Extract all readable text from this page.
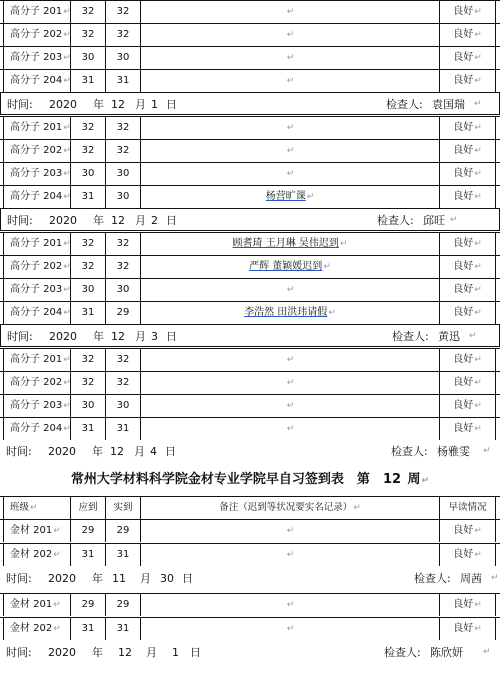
高分子 201↵	32	32	↵	良好↵
高分子 202↵	32	32	↵	良好↵
高分子 203↵	30	30	↵	良好↵
高分子 204↵	31	31	↵	良好↵
时间: 2020 年 12 月 1 日	检查人: 袁国瑞 ↵
高分子 201↵	32	32	↵	良好↵
高分子 202↵	32	32	↵	良好↵
高分子 203↵	30	30	↵	良好↵
高分子 204↵	31	30	杨营旷课↵	良好↵
时间: 2020 年 12 月 2 日	检查人: 邱旺 ↵
高分子 201↵	32	32	顾耆琦 王月琳 吴伟迟到↵	良好↵
高分子 202↵	32	32	严辉 董颖媛迟到↵	良好↵
高分子 203↵	30	30	↵	良好↵
高分子 204↵	31	29	李浩然 田洪玮请假↵	良好↵
时间: 2020 年 12 月 3 日	检查人: 黄迅 ↵
高分子 201↵	32	32	↵	良好↵
高分子 202↵	32	32	↵	良好↵
高分子 203↵	30	30	↵	良好↵
高分子 204↵	31	31	↵	良好↵
时间: 2020 年 12 月 4 日	检查人: 杨雅雯 ↵
常州大学材料科学院金材专业学院早自习签到表  第  12  周↵
班级↵	应到	实到	备注（迟到等状况要实名记录）↵	早读情况
金材 201↵	29	29	↵	良好↵
金材 202↵	31	31	↵	良好↵
时间: 2020 年 11 月 30 日	检查人: 周茜 ↵
金材 201↵	29	29	↵	良好↵
金材 202↵	31	31	↵	良好↵
时间: 2020 年 12 月 1 日	检查人: 陈欣妍 ↵
